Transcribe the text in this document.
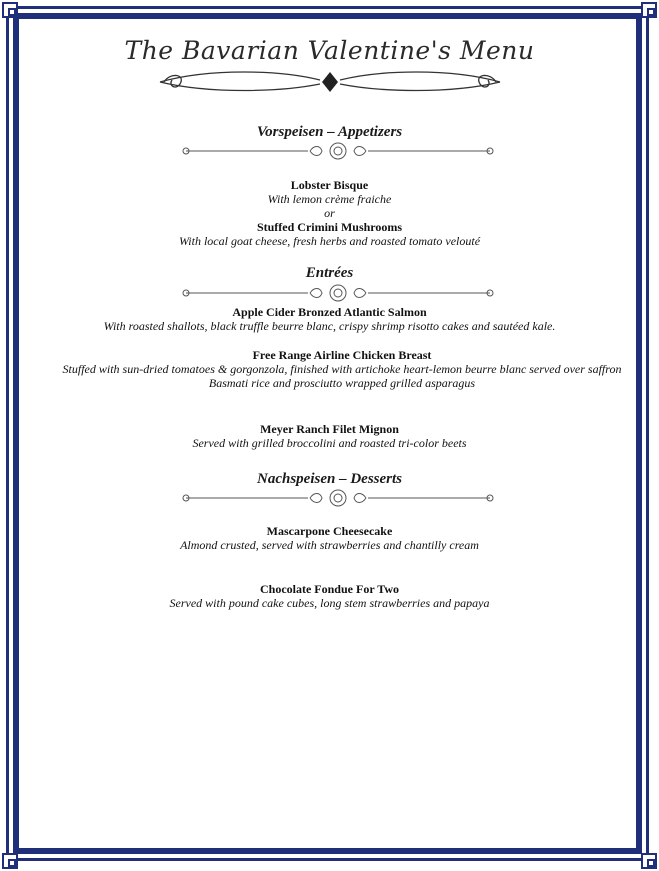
The Bavarian Valentine's Menu
Vorspeisen – Appetizers
Lobster Bisque
With lemon crème fraiche
or
Stuffed Crimini Mushrooms
With local goat cheese, fresh herbs and roasted tomato velouté
Entrées
Apple Cider Bronzed Atlantic Salmon
With roasted shallots, black truffle beurre blanc, crispy shrimp risotto cakes and sautéed kale.
Free Range Airline Chicken Breast
Stuffed with sun-dried tomatoes & gorgonzola, finished with artichoke heart-lemon beurre blanc served over saffron
Basmati rice and prosciutto wrapped grilled asparagus
Meyer Ranch Filet Mignon
Served with grilled broccolini and roasted tri-color beets
Nachspeisen – Desserts
Mascarpone Cheesecake
Almond crusted, served with strawberries and chantilly cream
Chocolate Fondue For Two
Served with pound cake cubes, long stem strawberries and papaya
